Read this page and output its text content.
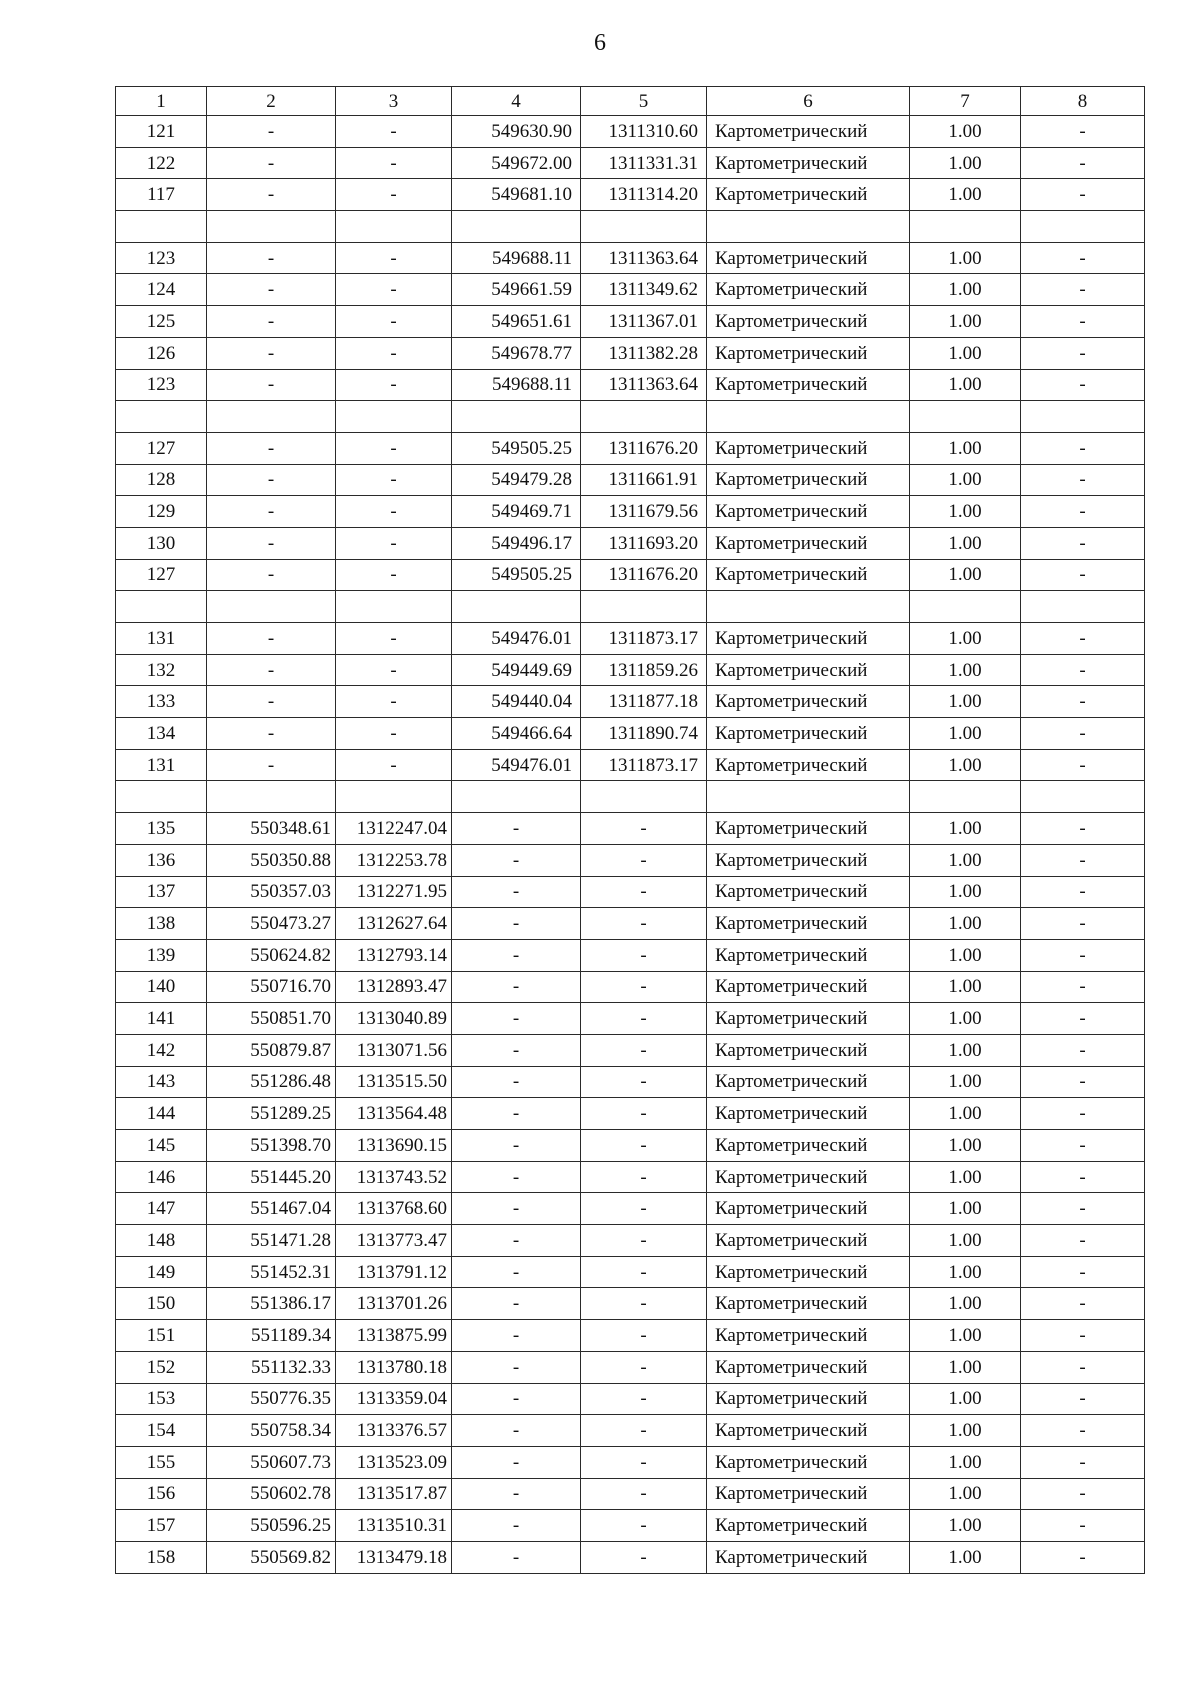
6
1	2	3	4	5	6	7	8
121	-	-	549630.90	1311310.60	Картометрический	1.00	-
122	-	-	549672.00	1311331.31	Картометрический	1.00	-
117	-	-	549681.10	1311314.20	Картометрический	1.00	-

123	-	-	549688.11	1311363.64	Картометрический	1.00	-
124	-	-	549661.59	1311349.62	Картометрический	1.00	-
125	-	-	549651.61	1311367.01	Картометрический	1.00	-
126	-	-	549678.77	1311382.28	Картометрический	1.00	-
123	-	-	549688.11	1311363.64	Картометрический	1.00	-

127	-	-	549505.25	1311676.20	Картометрический	1.00	-
128	-	-	549479.28	1311661.91	Картометрический	1.00	-
129	-	-	549469.71	1311679.56	Картометрический	1.00	-
130	-	-	549496.17	1311693.20	Картометрический	1.00	-
127	-	-	549505.25	1311676.20	Картометрический	1.00	-

131	-	-	549476.01	1311873.17	Картометрический	1.00	-
132	-	-	549449.69	1311859.26	Картометрический	1.00	-
133	-	-	549440.04	1311877.18	Картометрический	1.00	-
134	-	-	549466.64	1311890.74	Картометрический	1.00	-
131	-	-	549476.01	1311873.17	Картометрический	1.00	-

135	550348.61	1312247.04	-	-	Картометрический	1.00	-
136	550350.88	1312253.78	-	-	Картометрический	1.00	-
137	550357.03	1312271.95	-	-	Картометрический	1.00	-
138	550473.27	1312627.64	-	-	Картометрический	1.00	-
139	550624.82	1312793.14	-	-	Картометрический	1.00	-
140	550716.70	1312893.47	-	-	Картометрический	1.00	-
141	550851.70	1313040.89	-	-	Картометрический	1.00	-
142	550879.87	1313071.56	-	-	Картометрический	1.00	-
143	551286.48	1313515.50	-	-	Картометрический	1.00	-
144	551289.25	1313564.48	-	-	Картометрический	1.00	-
145	551398.70	1313690.15	-	-	Картометрический	1.00	-
146	551445.20	1313743.52	-	-	Картометрический	1.00	-
147	551467.04	1313768.60	-	-	Картометрический	1.00	-
148	551471.28	1313773.47	-	-	Картометрический	1.00	-
149	551452.31	1313791.12	-	-	Картометрический	1.00	-
150	551386.17	1313701.26	-	-	Картометрический	1.00	-
151	551189.34	1313875.99	-	-	Картометрический	1.00	-
152	551132.33	1313780.18	-	-	Картометрический	1.00	-
153	550776.35	1313359.04	-	-	Картометрический	1.00	-
154	550758.34	1313376.57	-	-	Картометрический	1.00	-
155	550607.73	1313523.09	-	-	Картометрический	1.00	-
156	550602.78	1313517.87	-	-	Картометрический	1.00	-
157	550596.25	1313510.31	-	-	Картометрический	1.00	-
158	550569.82	1313479.18	-	-	Картометрический	1.00	-
